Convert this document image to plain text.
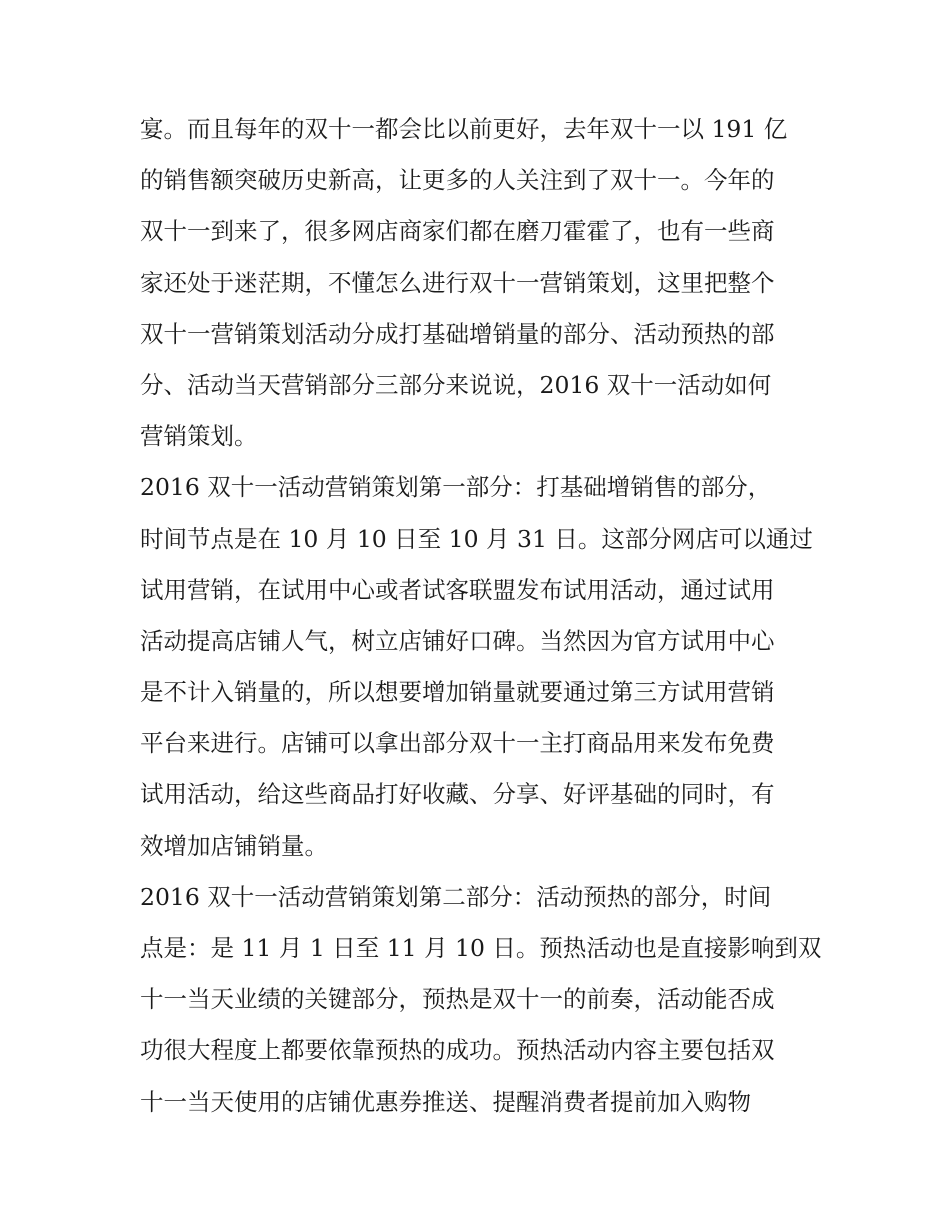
宴。而且每年的双十一都会比以前更好，去年双十一以 191 亿
的销售额突破历史新高，让更多的人关注到了双十一。今年的
双十一到来了，很多网店商家们都在磨刀霍霍了，也有一些商
家还处于迷茫期，不懂怎么进行双十一营销策划，这里把整个
双十一营销策划活动分成打基础增销量的部分、活动预热的部
分、活动当天营销部分三部分来说说，2016 双十一活动如何
营销策划。
2016 双十一活动营销策划第一部分：打基础增销售的部分，
时间节点是在 10 月 10 日至 10 月 31 日。这部分网店可以通过
试用营销，在试用中心或者试客联盟发布试用活动，通过试用
活动提高店铺人气，树立店铺好口碑。当然因为官方试用中心
是不计入销量的，所以想要增加销量就要通过第三方试用营销
平台来进行。店铺可以拿出部分双十一主打商品用来发布免费
试用活动，给这些商品打好收藏、分享、好评基础的同时，有
效增加店铺销量。
2016 双十一活动营销策划第二部分：活动预热的部分，时间
点是：是 11 月 1 日至 11 月 10 日。预热活动也是直接影响到双
十一当天业绩的关键部分，预热是双十一的前奏，活动能否成
功很大程度上都要依靠预热的成功。预热活动内容主要包括双
十一当天使用的店铺优惠券推送、提醒消费者提前加入购物
